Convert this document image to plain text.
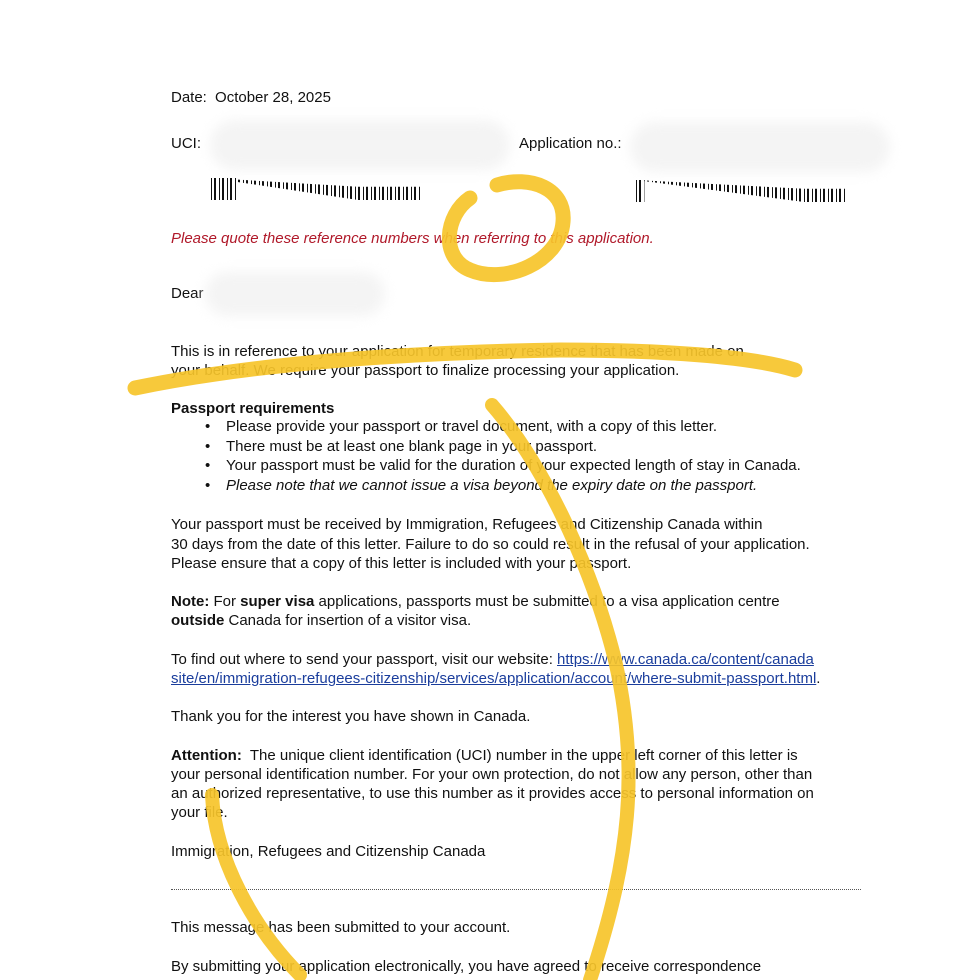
Date: October 28, 2025
UCI:	Application no.:
Please quote these reference numbers when referring to this application.
Dear
This is in reference to your application for temporary residence that has been made on
your behalf. We require your passport to finalize processing your application.
Passport requirements
• Please provide your passport or travel document, with a copy of this letter.
• There must be at least one blank page in your passport.
• Your passport must be valid for the duration of your expected length of stay in Canada.
• Please note that we cannot issue a visa beyond the expiry date on the passport.
Your passport must be received by Immigration, Refugees and Citizenship Canada within
30 days from the date of this letter. Failure to do so could result in the refusal of your application.
Please ensure that a copy of this letter is included with your passport.
Note: For super visa applications, passports must be submitted to a visa application centre
outside Canada for insertion of a visitor visa.
To find out where to send your passport, visit our website: https://www.canada.ca/content/canada
site/en/immigration-refugees-citizenship/services/application/account/where-submit-passport.html.
Thank you for the interest you have shown in Canada.
Attention:  The unique client identification (UCI) number in the upper left corner of this letter is
your personal identification number. For your own protection, do not allow any person, other than
an authorized representative, to use this number as it provides access to personal information on
your file.
Immigration, Refugees and Citizenship Canada
This message has been submitted to your account.
By submitting your application electronically, you have agreed to receive correspondence
